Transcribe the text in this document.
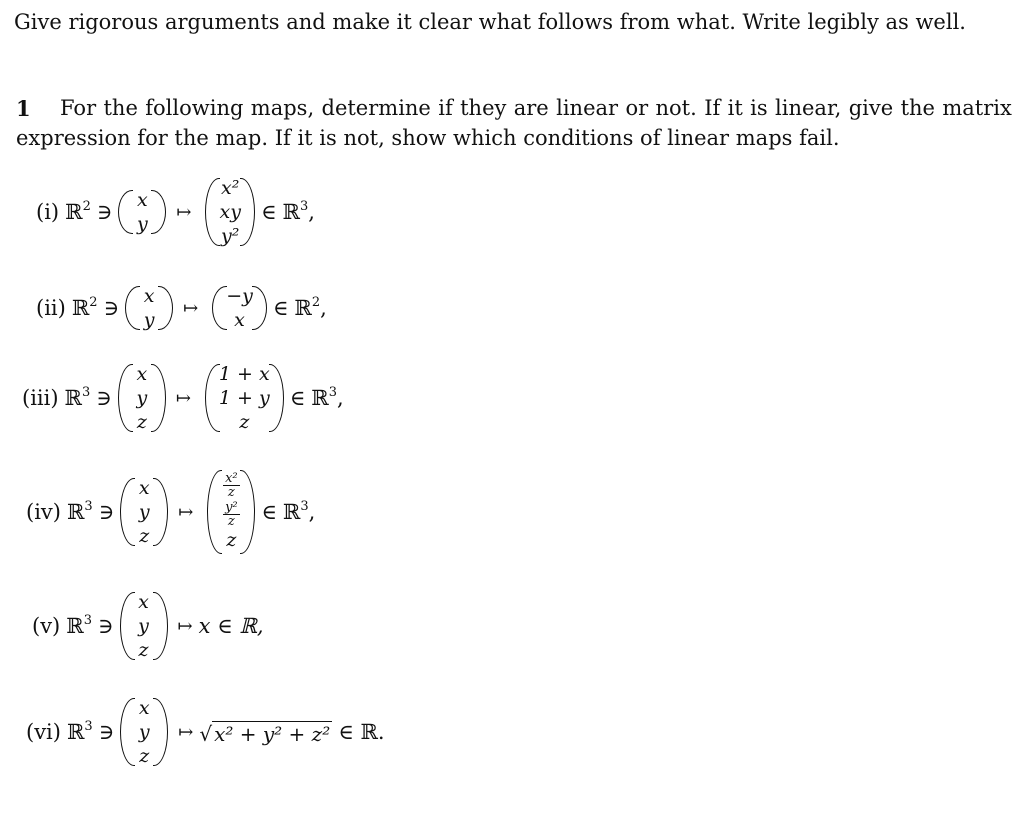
Give rigorous arguments and make it clear what follows from what. Write legibly as well.
1 For the following maps, determine if they are linear or not. If it is linear, give the matrix
expression for the map. If it is not, show which conditions of linear maps fail.
(i) ℝ$^2$ ∋ x
y
↦
x²
xy
y²
∈ ℝ$^3$,
(ii) ℝ$^2$ ∋ x
y
↦
−y
x ∈ ℝ$^2$,
(iii) ℝ$^3$ ∋
x
y
z
↦
1 + x
1 + y
z
∈ ℝ$^3$,
(iv) ℝ$^3$ ∋
x
y
z
↦
$\frac{\text{x²}}{z}$
$\frac{\text{y²}}{z}$
z
∈ ℝ$^3$,
(v) ℝ$^3$ ∋
x
y
z
↦ x ∈ ℝ,
(vi) ℝ$^3$ ∋
x
y
z
↦ √ x² + y² + z² ∈ ℝ.
